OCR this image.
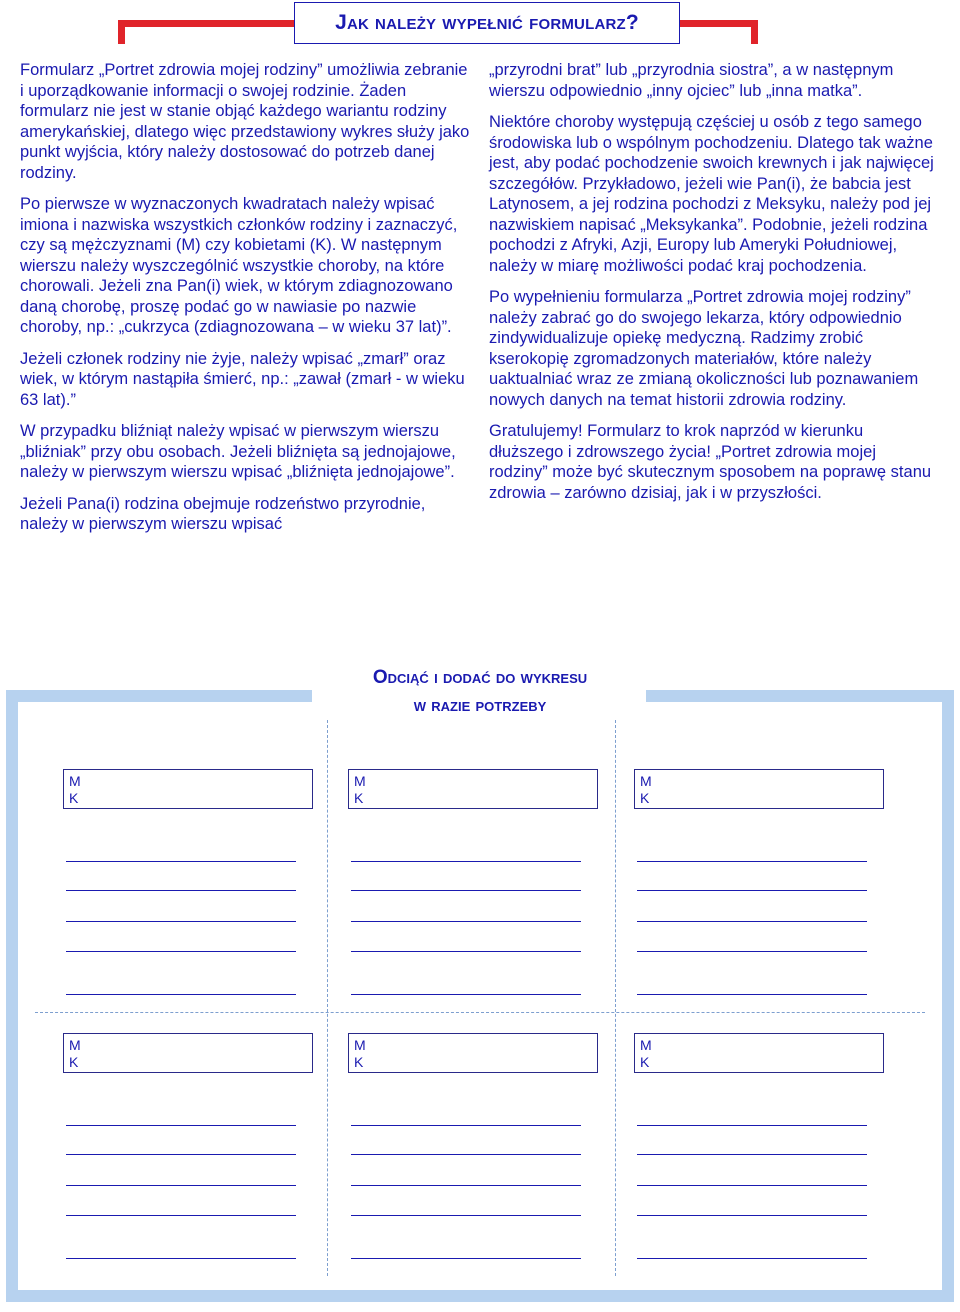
Jak należy wypełnić formularz?

Formularz „Portret zdrowia mojej rodziny” umożliwia zebranie i uporządkowanie informacji o swojej rodzinie. Żaden formularz nie jest w stanie objąć każdego wariantu rodziny amerykańskiej, dlatego więc przedstawiony wykres służy jako punkt wyjścia, który należy dostosować do potrzeb danej rodziny.

Po pierwsze w wyznaczonych kwadratach należy wpisać imiona i nazwiska wszystkich członków rodziny i zaznaczyć, czy są mężczyznami (M) czy kobietami (K). W następnym wierszu należy wyszczególnić wszystkie choroby, na które chorowali. Jeżeli zna Pan(i) wiek, w którym zdiagnozowano daną chorobę, proszę podać go w nawiasie po nazwie choroby, np.: „cukrzyca (zdiagnozowana – w wieku 37 lat)”.

Jeżeli członek rodziny nie żyje, należy wpisać „zmarł” oraz wiek, w którym nastąpiła śmierć, np.: „zawał (zmarł - w wieku 63 lat).”

W przypadku bliźniąt należy wpisać w pierwszym wierszu „bliźniak” przy obu osobach. Jeżeli bliźnięta są jednojajowe, należy w pierwszym wierszu wpisać „bliźnięta jednojajowe”.

Jeżeli Pana(i) rodzina obejmuje rodzeństwo przyrodnie, należy w pierwszym wierszu wpisać

„przyrodni brat” lub „przyrodnia siostra”, a w następnym wierszu odpowiednio „inny ojciec” lub „inna matka”.

Niektóre choroby występują częściej u osób z tego samego środowiska lub o wspólnym pochodzeniu. Dlatego tak ważne jest, aby podać pochodzenie swoich krewnych i jak najwięcej szczegółów. Przykładowo, jeżeli wie Pan(i), że babcia jest Latynosem, a jej rodzina pochodzi z Meksyku, należy pod jej nazwiskiem napisać „Meksykanka”. Podobnie, jeżeli rodzina pochodzi z Afryki, Azji, Europy lub Ameryki Południowej, należy w miarę możliwości podać kraj pochodzenia.

Po wypełnieniu formularza „Portret zdrowia mojej rodziny” należy zabrać go do swojego lekarza, który odpowiednio zindywidualizuje opiekę medyczną. Radzimy zrobić kserokopię zgromadzonych materiałów, które należy uaktualniać wraz ze zmianą okoliczności lub poznawaniem nowych danych na temat historii zdrowia rodziny.

Gratulujemy! Formularz to krok naprzód w kierunku dłuższego i zdrowszego życia! „Portret zdrowia mojej rodziny” może być skutecznym sposobem na poprawę stanu zdrowia – zarówno dzisiaj, jak i w przyszłości.

Odciąć i dodać do wykresu
w razie potrzeby
M
K
M
K
M
K
M
K
M
K
M
K
